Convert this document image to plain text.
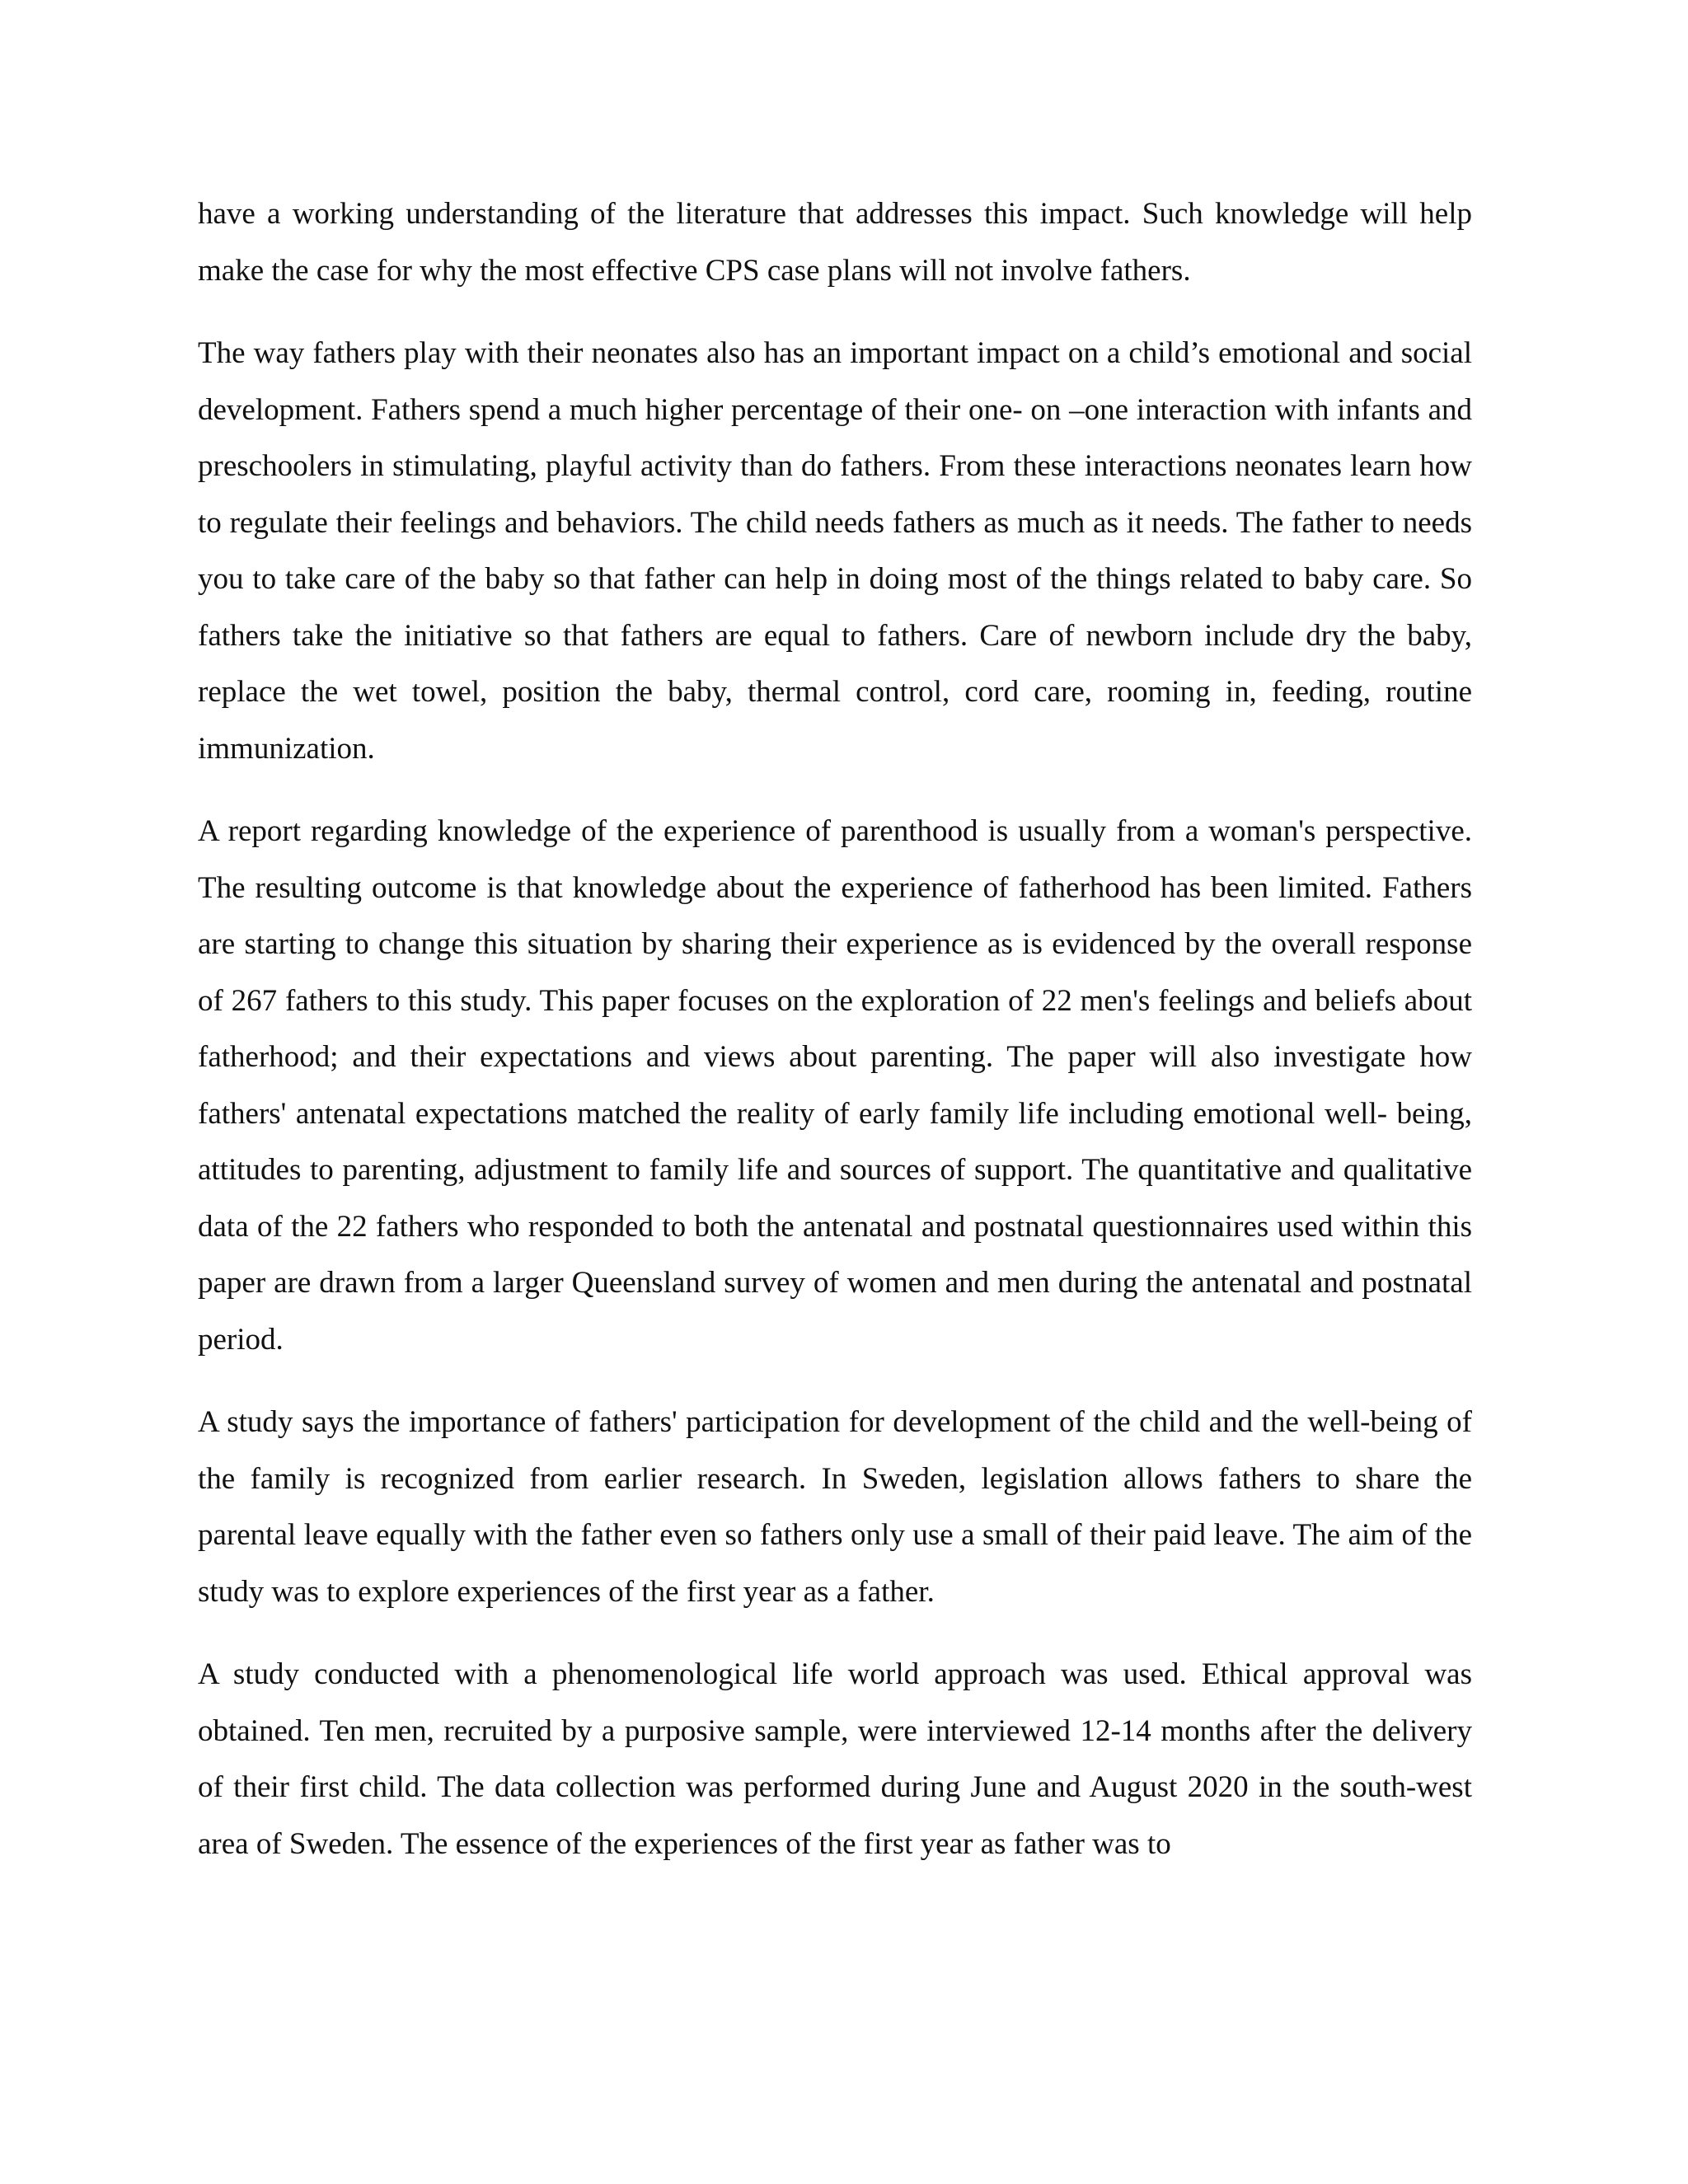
have a working understanding of the literature that addresses this impact. Such knowledge will help make the case for why the most effective CPS case plans will not involve fathers.

The way fathers play with their neonates also has an important impact on a child’s emotional and social development. Fathers spend a much higher percentage of their one- on –one interaction with infants and preschoolers in stimulating, playful activity than do fathers. From these interactions neonates learn how to regulate their feelings and behaviors. The child needs fathers as much as it needs. The father to needs you to take care of the baby so that father can help in doing most of the things related to baby care. So fathers take the initiative so that fathers are equal to fathers. Care of newborn include dry the baby, replace the wet towel, position the baby, thermal control, cord care, rooming in, feeding, routine immunization.

A report regarding knowledge of the experience of parenthood is usually from a woman's perspective. The resulting outcome is that knowledge about the experience of fatherhood has been limited. Fathers are starting to change this situation by sharing their experience as is evidenced by the overall response of 267 fathers to this study. This paper focuses on the exploration of 22 men's feelings and beliefs about fatherhood; and their expectations and views about parenting. The paper will also investigate how fathers' antenatal expectations matched the reality of early family life including emotional well- being, attitudes to parenting, adjustment to family life and sources of support. The quantitative and qualitative data of the 22 fathers who responded to both the antenatal and postnatal questionnaires used within this paper are drawn from a larger Queensland survey of women and men during the antenatal and postnatal period.

A study says the importance of fathers' participation for development of the child and the well-being of the family is recognized from earlier research. In Sweden, legislation allows fathers to share the parental leave equally with the father even so fathers only use a small of their paid leave. The aim of the study was to explore experiences of the first year as a father.

A study conducted with a phenomenological life world approach was used. Ethical approval was obtained. Ten men, recruited by a purposive sample, were interviewed 12-14 months after the delivery of their first child. The data collection was performed during June and August 2020 in the south-west area of Sweden. The essence of the experiences of the first year as father was to
